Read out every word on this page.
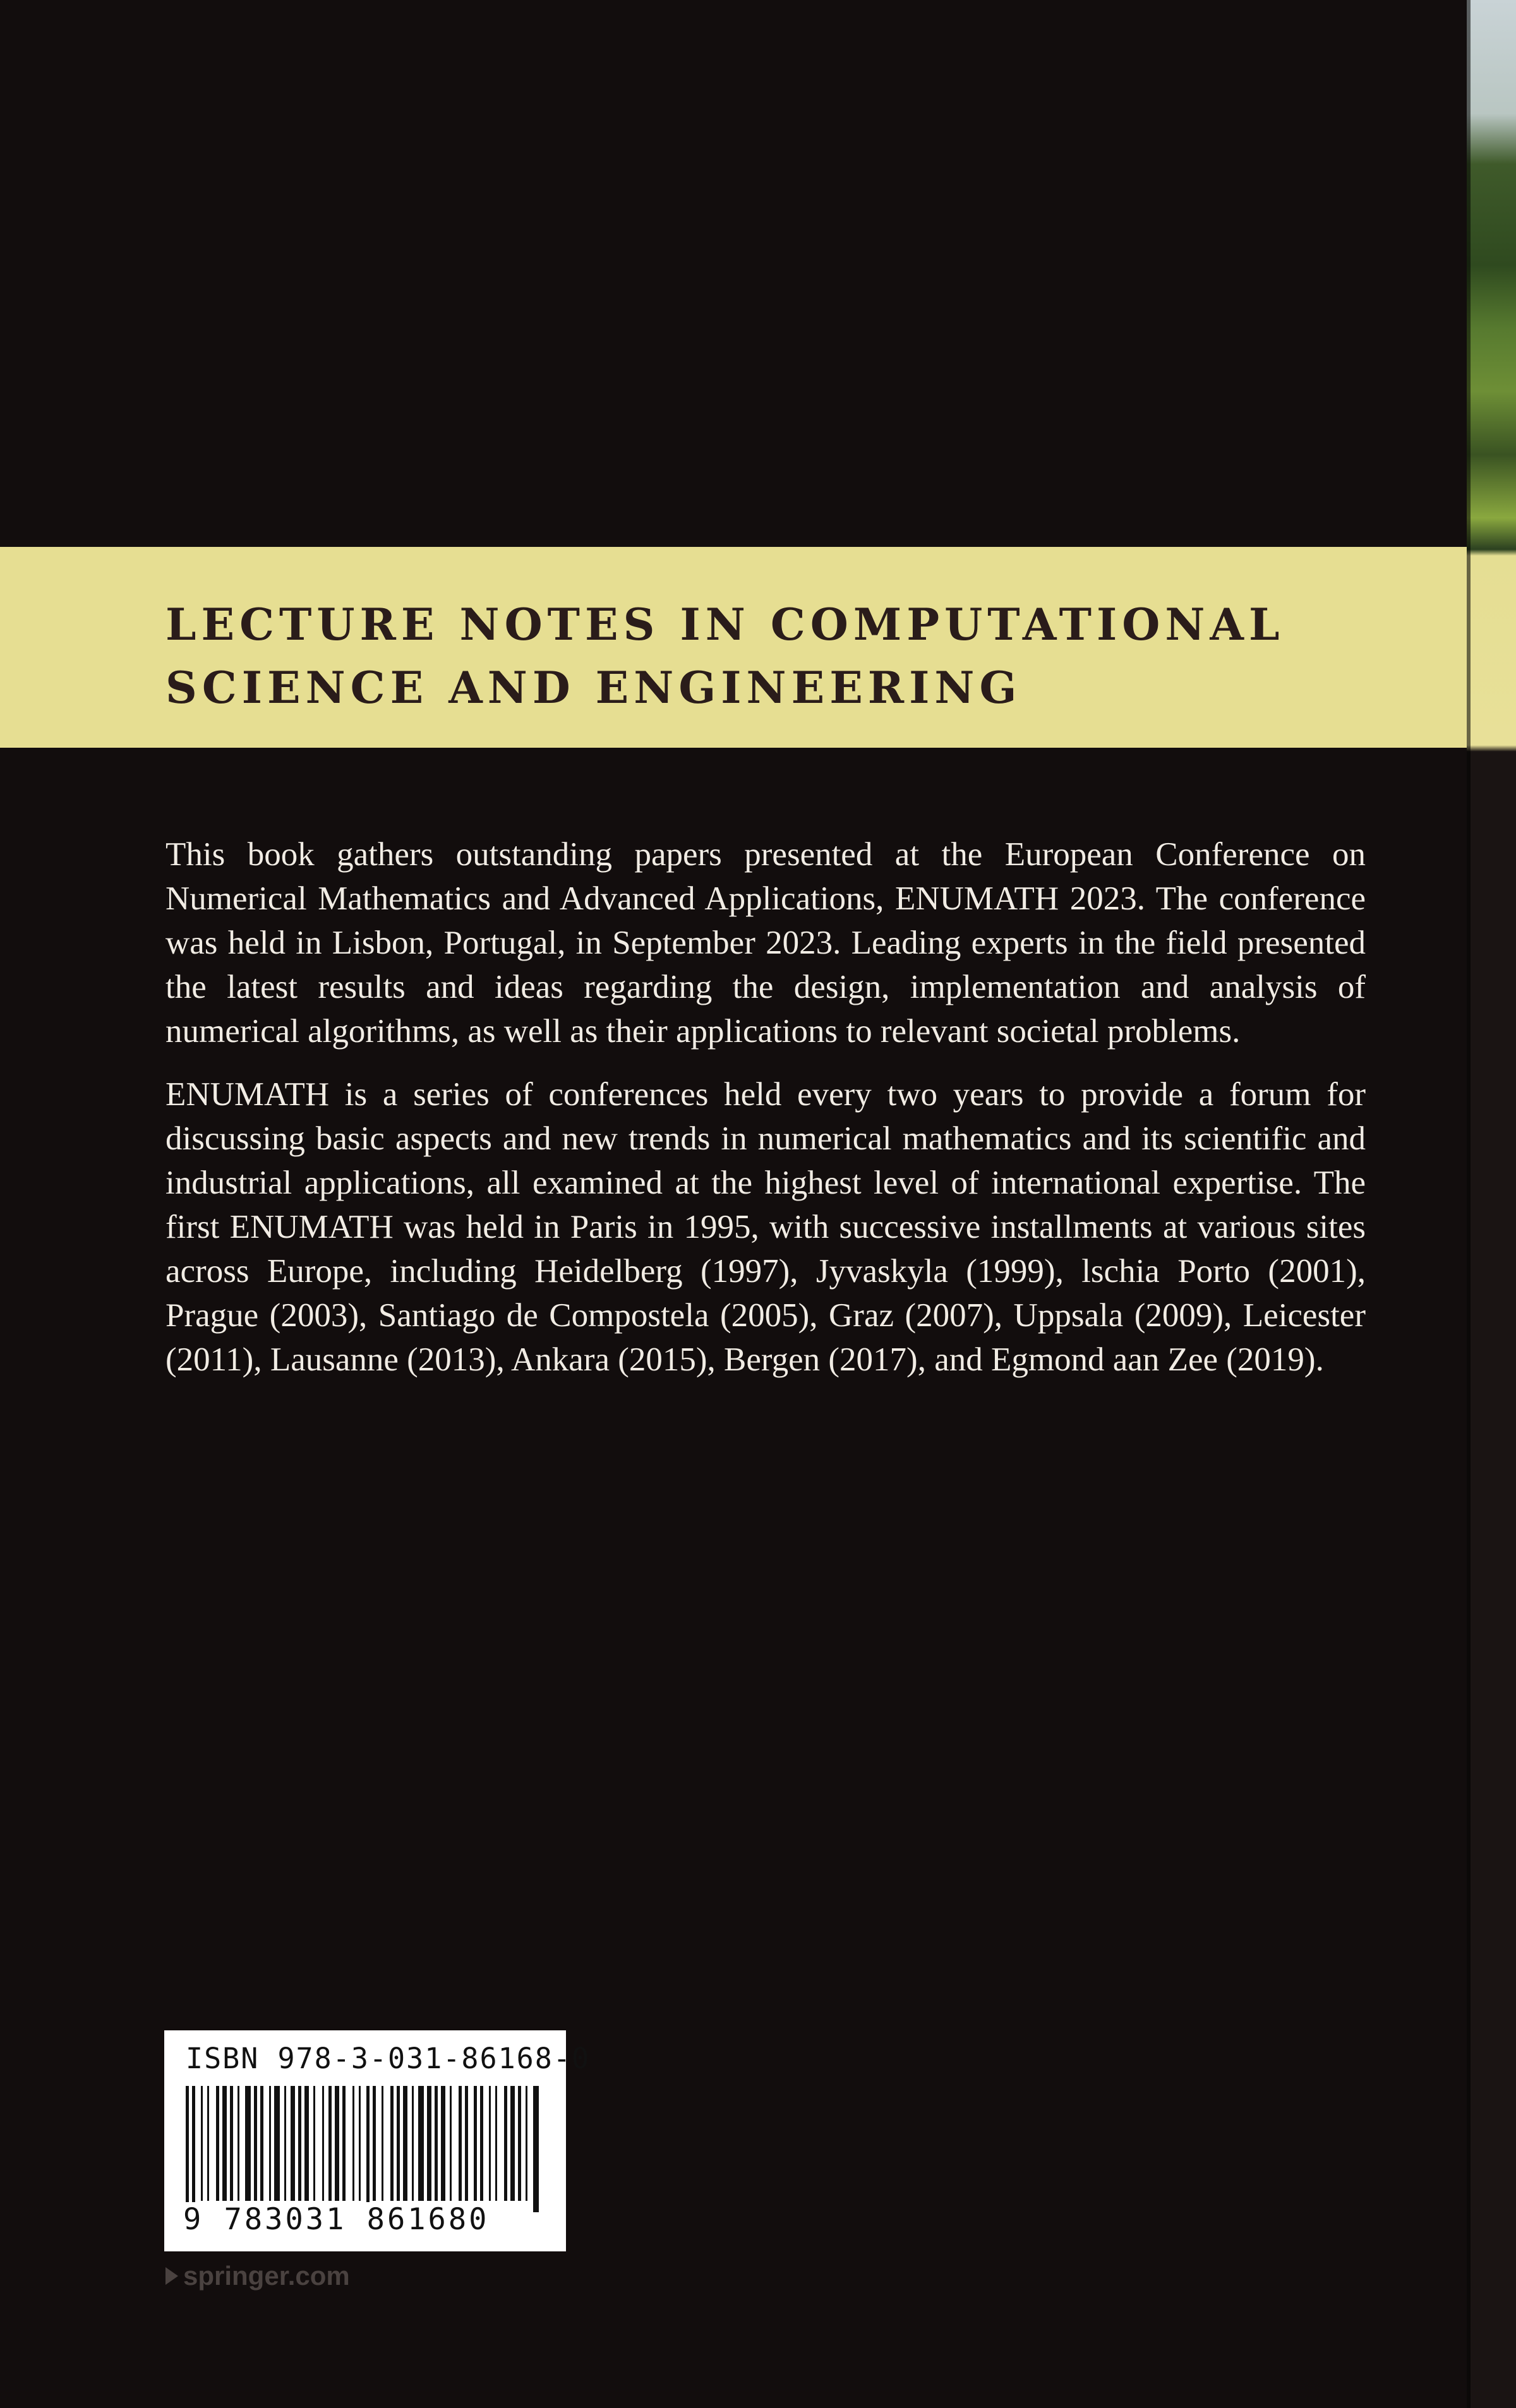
LECTURE NOTES IN COMPUTATIONAL
SCIENCE AND ENGINEERING

This book gathers outstanding papers presented at the European Conference on Numerical Mathematics and Advanced Applications, ENUMATH 2023. The conference was held in Lisbon, Portugal, in September 2023. Leading experts in the field presented the latest results and ideas regarding the design, implementation and analysis of numerical algorithms, as well as their applications to relevant societal problems.

ENUMATH is a series of conferences held every two years to provide a forum for discussing basic aspects and new trends in numerical mathematics and its scientific and industrial applications, all examined at the highest level of international expertise. The first ENUMATH was held in Paris in 1995, with successive installments at various sites across Europe, including Heidelberg (1997), Jyvaskyla (1999), lschia Porto (2001), Prague (2003), Santiago de Compostela (2005), Graz (2007), Uppsala (2009), Leicester (2011), Lausanne (2013), Ankara (2015), Bergen (2017), and Egmond aan Zee (2019).

ISBN 978-3-031-86168-0
9 783031 861680
springer.com
